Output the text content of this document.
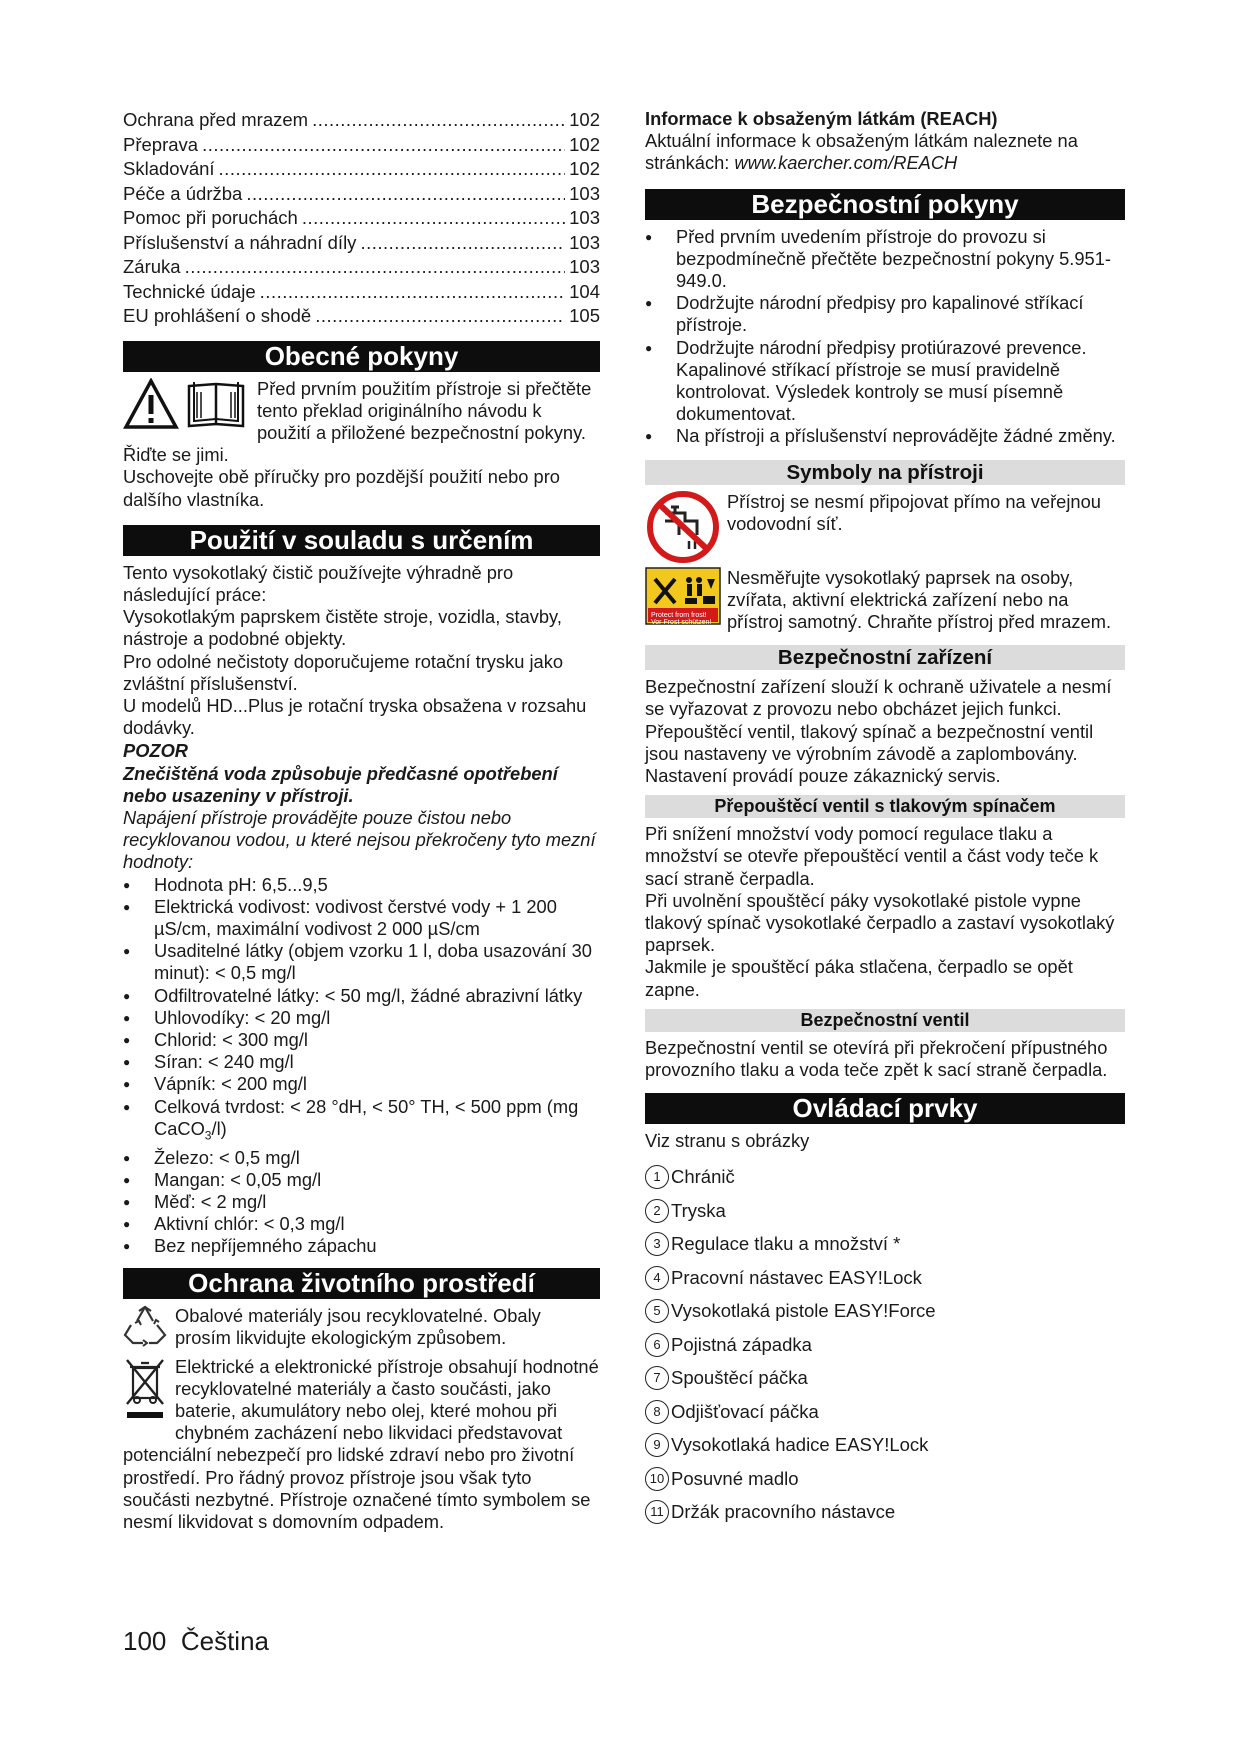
Ochrana před mrazem .....	102
Přeprava .....	102
Skladování .....	102
Péče a údržba .....	103
Pomoc při poruchách .....	103
Příslušenství a náhradní díly .....	103
Záruka .....	103
Technické údaje .....	104
EU prohlášení o shodě .....	105
Obecné pokyny

Před prvním použitím přístroje si přečtěte tento překlad originálního návodu k použití a přiložené bezpečnostní pokyny. Řiďte se jimi.

Uschovejte obě příručky pro pozdější použití nebo pro dalšího vlastníka.

Použití v souladu s určením

Tento vysokotlaký čistič používejte výhradně pro následující práce:

Vysokotlakým paprskem čistěte stroje, vozidla, stavby, nástroje a podobné objekty.

Pro odolné nečistoty doporučujeme rotační trysku jako zvláštní příslušenství.

U modelů HD...Plus je rotační tryska obsažena v rozsahu dodávky.

POZOR

Znečištěná voda způsobuje předčasné opotřebení nebo usazeniny v přístroji.

Napájení přístroje provádějte pouze čistou nebo recyklovanou vodou, u které nejsou překročeny tyto mezní hodnoty:

● Hodnota pH: 6,5...9,5
● Elektrická vodivost: vodivost čerstvé vody + 1 200 µS/cm, maximální vodivost 2 000 µS/cm
● Usaditelné látky (objem vzorku 1 l, doba usazování 30 minut): < 0,5 mg/l
● Odfiltrovatelné látky: < 50 mg/l, žádné abrazivní látky
● Uhlovodíky: < 20 mg/l
● Chlorid: < 300 mg/l
● Síran: < 240 mg/l
● Vápník: < 200 mg/l
● Celková tvrdost: < 28 °dH, < 50° TH, < 500 ppm (mg CaCO$_3$/l)
● Železo: < 0,5 mg/l
● Mangan: < 0,05 mg/l
● Měď: < 2 mg/l
● Aktivní chlór: < 0,3 mg/l
● Bez nepříjemného zápachu
Ochrana životního prostředí

Obalové materiály jsou recyklovatelné. Obaly prosím likvidujte ekologickým způsobem.

Elektrické a elektronické přístroje obsahují hodnotné recyklovatelné materiály a často součásti, jako baterie, akumulátory nebo olej, které mohou při chybném zacházení nebo likvidaci představovat potenciální nebezpečí pro lidské zdraví nebo pro životní prostředí. Pro řádný provoz přístroje jsou však tyto součásti nezbytné. Přístroje označené tímto symbolem se nesmí likvidovat s domovním odpadem.

Informace k obsaženým látkám (REACH)

Aktuální informace k obsaženým látkám naleznete na stránkách: www.kaercher.com/REACH

Bezpečnostní pokyny
● Před prvním uvedením přístroje do provozu si bezpodmínečně přečtěte bezpečnostní pokyny 5.951-949.0.
● Dodržujte národní předpisy pro kapalinové stříkací přístroje.
● Dodržujte národní předpisy protiúrazové prevence. Kapalinové stříkací přístroje se musí pravidelně kontrolovat. Výsledek kontroly se musí písemně dokumentovat.
● Na přístroji a příslušenství neprovádějte žádné změny.
Symboly na přístroji

Přístroj se nesmí připojovat přímo na veřejnou vodovodní síť.

Protect from frost!
Vor Frost schützen!

Nesměřujte vysokotlaký paprsek na osoby, zvířata, aktivní elektrická zařízení nebo na přístroj samotný. Chraňte přístroj před mrazem.

Bezpečnostní zařízení

Bezpečnostní zařízení slouží k ochraně uživatele a nesmí se vyřazovat z provozu nebo obcházet jejich funkci.

Přepouštěcí ventil, tlakový spínač a bezpečnostní ventil jsou nastaveny ve výrobním závodě a zaplombovány. Nastavení provádí pouze zákaznický servis.

Přepouštěcí ventil s tlakovým spínačem

Při snížení množství vody pomocí regulace tlaku a množství se otevře přepouštěcí ventil a část vody teče k sací straně čerpadla.

Při uvolnění spouštěcí páky vysokotlaké pistole vypne tlakový spínač vysokotlaké čerpadlo a zastaví vysokotlaký paprsek.

Jakmile je spouštěcí páka stlačena, čerpadlo se opět zapne.

Bezpečnostní ventil

Bezpečnostní ventil se otevírá při překročení přípustného provozního tlaku a voda teče zpět k sací straně čerpadla.

Ovládací prvky

Viz stranu s obrázky

1 Chránič
2 Tryska
3 Regulace tlaku a množství *
4 Pracovní nástavec EASY!Lock
5 Vysokotlaká pistole EASY!Force
6 Pojistná západka
7 Spouštěcí páčka
8 Odjišťovací páčka
9 Vysokotlaká hadice EASY!Lock
10 Posuvné madlo
11 Držák pracovního nástavce
100 Čeština
